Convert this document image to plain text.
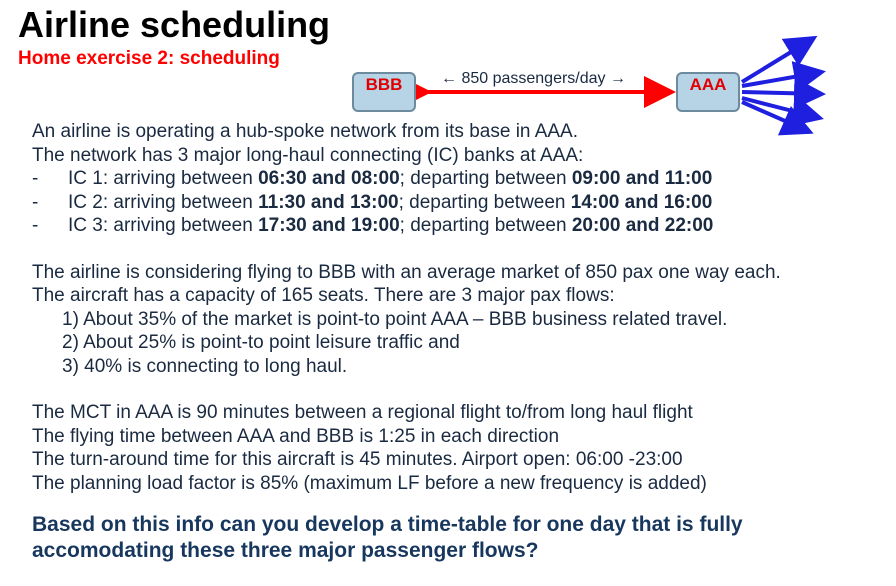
Airline scheduling
Home exercise 2: scheduling
BBB	← 850 passengers/day →	AAA

An airline is operating a hub-spoke network from its base in AAA.

The network has 3 major long-haul connecting (IC) banks at AAA:

-	IC 1: arriving between 06:30 and 08:00; departing between 09:00 and 11:00
-	IC 2: arriving between 11:30 and 13:00; departing between 14:00 and 16:00
-	IC 3: arriving between 17:30 and 19:00; departing between 20:00 and 22:00

The airline is considering flying to BBB with an average market of 850 pax one way each.

The aircraft has a capacity of 165 seats. There are 3 major pax flows:

1) About 35% of the market is point-to point AAA – BBB business related travel.

2) About 25% is point-to point leisure traffic and

3) 40% is connecting to long haul.

The MCT in AAA is 90 minutes between a regional flight to/from long haul flight

The flying time between AAA and BBB is 1:25 in each direction

The turn-around time for this aircraft is 45 minutes. Airport open: 06:00 -23:00

The planning load factor is 85% (maximum LF before a new frequency is added)

Based on this info can you develop a time-table for one day that is fully accomodating these three major passenger flows?
